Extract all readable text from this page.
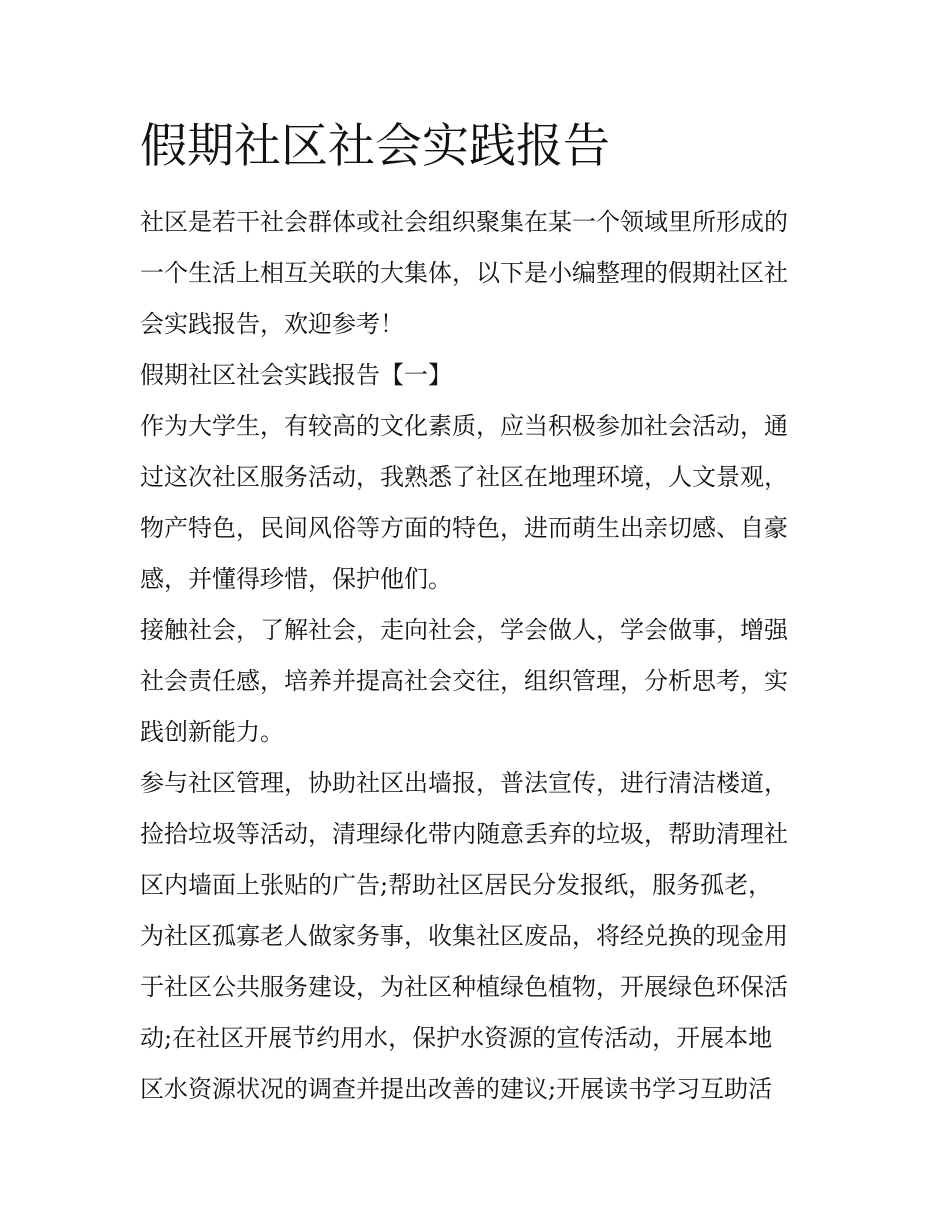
假期社区社会实践报告
社区是若干社会群体或社会组织聚集在某一个领域里所形成的
一个生活上相互关联的大集体，以下是小编整理的假期社区社
会实践报告，欢迎参考！
假期社区社会实践报告【一】
作为大学生，有较高的文化素质，应当积极参加社会活动，通
过这次社区服务活动，我熟悉了社区在地理环境，人文景观，
物产特色，民间风俗等方面的特色，进而萌生出亲切感、自豪
感，并懂得珍惜，保护他们。
接触社会，了解社会，走向社会，学会做人，学会做事，增强
社会责任感，培养并提高社会交往，组织管理，分析思考，实
践创新能力。
参与社区管理，协助社区出墙报，普法宣传，进行清洁楼道，
捡拾垃圾等活动，清理绿化带内随意丢弃的垃圾，帮助清理社
区内墙面上张贴的广告;帮助社区居民分发报纸，服务孤老，
为社区孤寡老人做家务事，收集社区废品，将经兑换的现金用
于社区公共服务建设，为社区种植绿色植物，开展绿色环保活
动;在社区开展节约用水，保护水资源的宣传活动，开展本地
区水资源状况的调查并提出改善的建议;开展读书学习互助活
